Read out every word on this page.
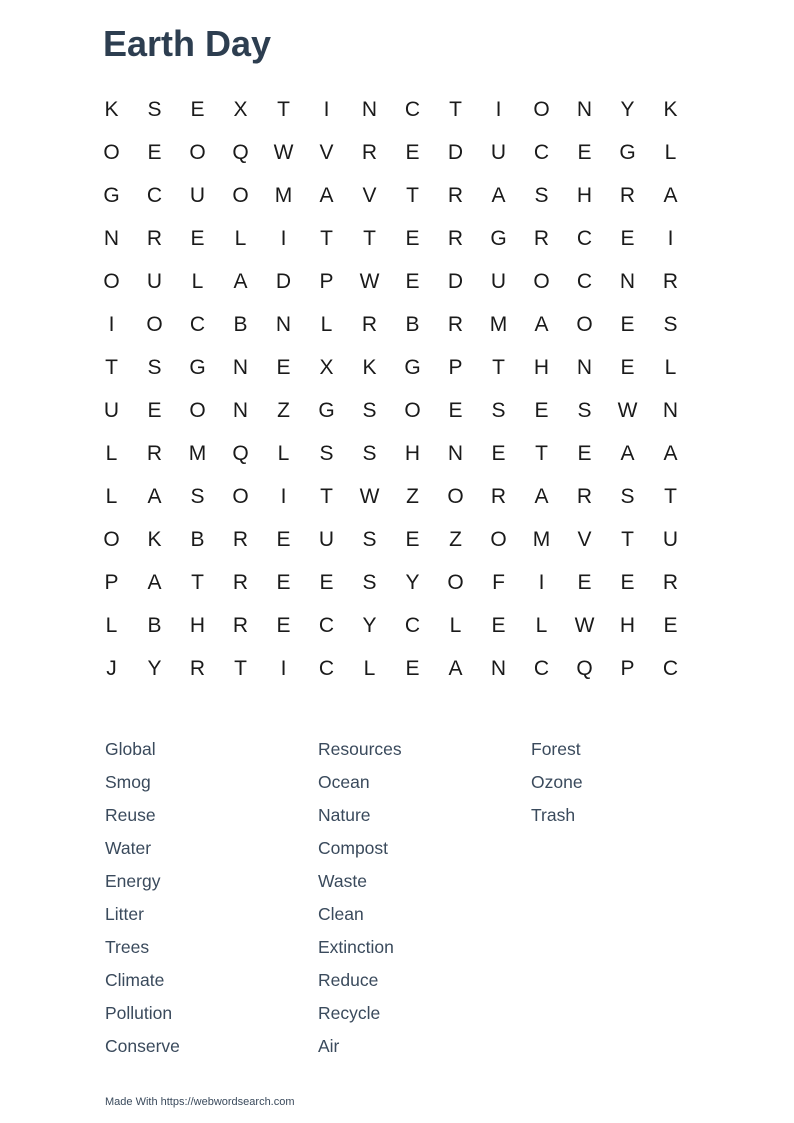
Earth Day
K	S	E	X	T	I	N	C	T	I	O	N	Y	K
O	E	O	Q	W	V	R	E	D	U	C	E	G	L
G	C	U	O	M	A	V	T	R	A	S	H	R	A
N	R	E	L	I	T	T	E	R	G	R	C	E	I
O	U	L	A	D	P	W	E	D	U	O	C	N	R
I	O	C	B	N	L	R	B	R	M	A	O	E	S
T	S	G	N	E	X	K	G	P	T	H	N	E	L
U	E	O	N	Z	G	S	O	E	S	E	S	W	N
L	R	M	Q	L	S	S	H	N	E	T	E	A	A
L	A	S	O	I	T	W	Z	O	R	A	R	S	T
O	K	B	R	E	U	S	E	Z	O	M	V	T	U
P	A	T	R	E	E	S	Y	O	F	I	E	E	R
L	B	H	R	E	C	Y	C	L	E	L	W	H	E
J	Y	R	T	I	C	L	E	A	N	C	Q	P	C
Global
Smog
Reuse
Water
Energy
Litter
Trees
Climate
Pollution
Conserve
Resources
Ocean
Nature
Compost
Waste
Clean
Extinction
Reduce
Recycle
Air
Forest
Ozone
Trash
Made With https://webwordsearch.com
